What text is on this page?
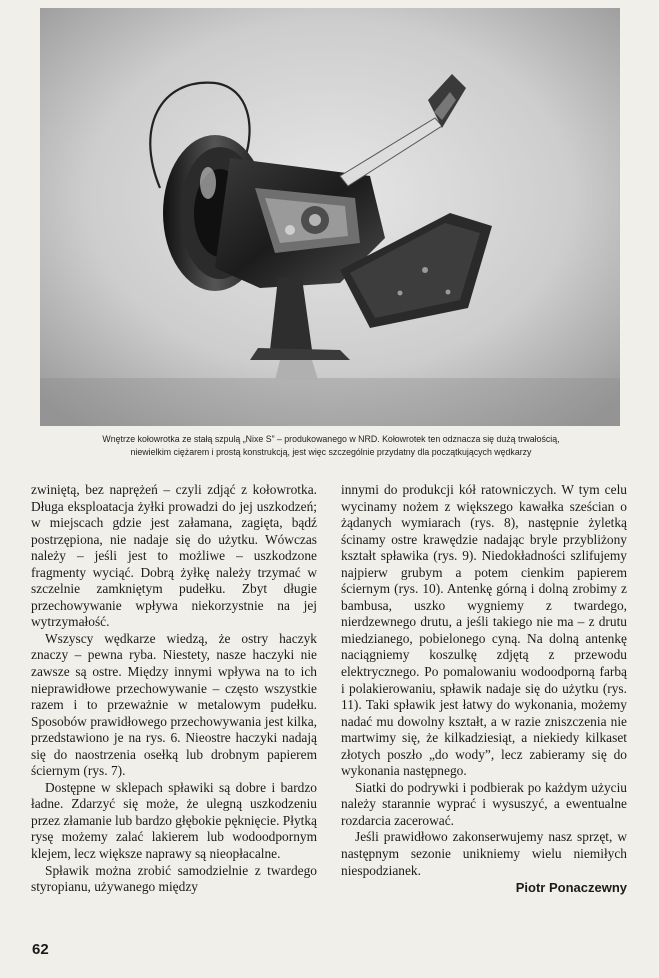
Wnętrze kołowrotka ze stałą szpulą „Nixe S” – produkowanego w NRD. Kołowrotek ten odznacza się dużą trwałością,
niewielkim ciężarem i prostą konstrukcją, jest więc szczególnie przydatny dla początkujących wędkarzy

zwiniętą, bez naprężeń – czyli zdjąć z kołowrotka. Długa eksploatacja żyłki prowadzi do jej uszkodzeń; w miejscach gdzie jest załamana, zagięta, bądź postrzępiona, nie nadaje się do użytku. Wówczas należy – jeśli jest to możliwe – uszkodzone fragmenty wyciąć. Dobrą żyłkę należy trzymać w szczelnie zamkniętym pudełku. Zbyt długie przechowywanie wpływa niekorzystnie na jej wytrzymałość.

Wszyscy wędkarze wiedzą, że ostry haczyk znaczy – pewna ryba. Niestety, nasze haczyki nie zawsze są ostre. Między innymi wpływa na to ich nieprawidłowe przechowywanie – często wszystkie razem i to przeważnie w metalowym pudełku. Sposobów prawidłowego przechowywania jest kilka, przedstawiono je na rys. 6. Nieostre haczyki nadają się do naostrzenia osełką lub drobnym papierem ściernym (rys. 7).

Dostępne w sklepach spławiki są dobre i bardzo ładne. Zdarzyć się może, że ulegną uszkodzeniu przez złamanie lub bardzo głębokie pęknięcie. Płytką rysę możemy zalać lakierem lub wodoodpornym klejem, lecz większe naprawy są nieopłacalne.

Spławik można zrobić samodzielnie z twardego styropianu, używanego między

innymi do produkcji kół ratowniczych. W tym celu wycinamy nożem z większego kawałka sześcian o żądanych wymiarach (rys. 8), następnie żyletką ścinamy ostre krawędzie nadając bryle przybliżony kształt spławika (rys. 9). Niedokładności szlifujemy najpierw grubym a potem cienkim papierem ściernym (rys. 10). Antenkę górną i dolną zrobimy z bambusa, uszko wygniemy z twardego, nierdzewnego drutu, a jeśli takiego nie ma – z drutu miedzianego, pobielonego cyną. Na dolną antenkę naciągniemy koszulkę zdjętą z przewodu elektrycznego. Po pomalowaniu wodoodporną farbą i polakierowaniu, spławik nadaje się do użytku (rys. 11). Taki spławik jest łatwy do wykonania, możemy nadać mu dowolny kształt, a w razie zniszczenia nie martwimy się, że kilkadziesiąt, a niekiedy kilkaset złotych poszło „do wody”, lecz zabieramy się do wykonania następnego.

Siatki do podrywki i podbierak po każdym użyciu należy starannie wyprać i wysuszyć, a ewentualne rozdarcia zacerować.

Jeśli prawidłowo zakonserwujemy nasz sprzęt, w następnym sezonie unikniemy wielu niemiłych niespodzianek.

Piotr Ponaczewny
62
